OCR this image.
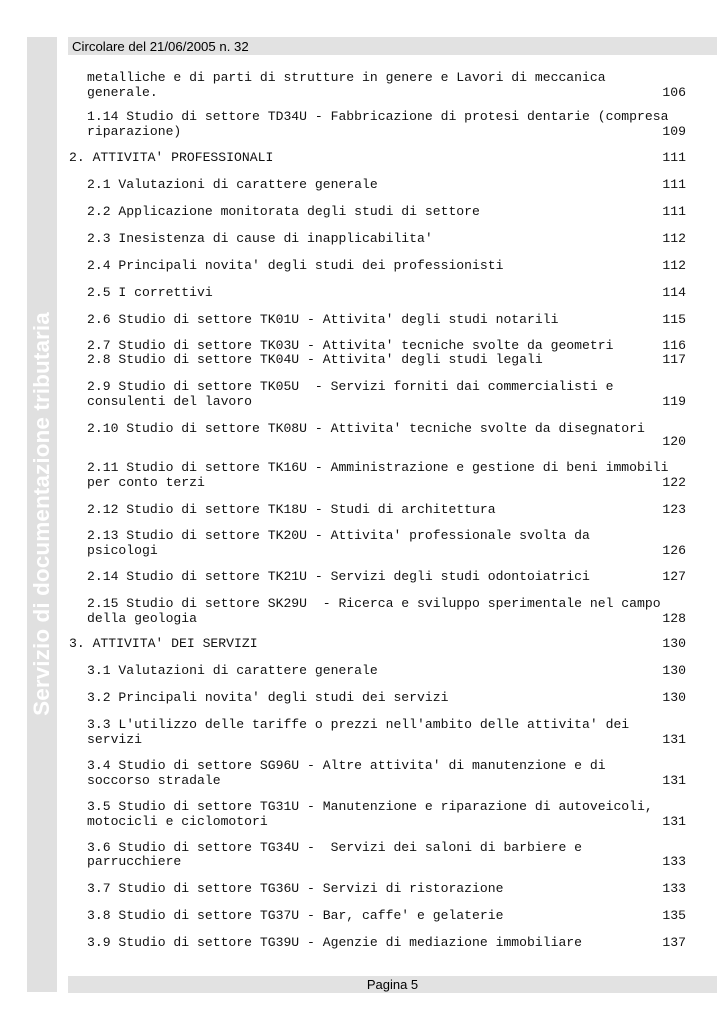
Servizio di documentazione tributaria
Circolare del 21/06/2005 n. 32
metalliche e di parti di strutture in genere e Lavori di meccanica
generale.	106
1.14 Studio di settore TD34U - Fabbricazione di protesi dentarie (compresa
riparazione)	109
2. ATTIVITA' PROFESSIONALI	111
2.1 Valutazioni di carattere generale	111
2.2 Applicazione monitorata degli studi di settore	111
2.3 Inesistenza di cause di inapplicabilita'	112
2.4 Principali novita' degli studi dei professionisti	112
2.5 I correttivi	114
2.6 Studio di settore TK01U - Attivita' degli studi notarili	115
2.7 Studio di settore TK03U - Attivita' tecniche svolte da geometri	116
2.8 Studio di settore TK04U - Attivita' degli studi legali	117
2.9 Studio di settore TK05U  - Servizi forniti dai commercialisti e
consulenti del lavoro	119
2.10 Studio di settore TK08U - Attivita' tecniche svolte da disegnatori
120
2.11 Studio di settore TK16U - Amministrazione e gestione di beni immobili
per conto terzi	122
2.12 Studio di settore TK18U - Studi di architettura	123
2.13 Studio di settore TK20U - Attivita' professionale svolta da
psicologi	126
2.14 Studio di settore TK21U - Servizi degli studi odontoiatrici	127
2.15 Studio di settore SK29U  - Ricerca e sviluppo sperimentale nel campo
della geologia	128
3. ATTIVITA' DEI SERVIZI	130
3.1 Valutazioni di carattere generale	130
3.2 Principali novita' degli studi dei servizi	130
3.3 L'utilizzo delle tariffe o prezzi nell'ambito delle attivita' dei
servizi	131
3.4 Studio di settore SG96U - Altre attivita' di manutenzione e di
soccorso stradale	131
3.5 Studio di settore TG31U - Manutenzione e riparazione di autoveicoli,
motocicli e ciclomotori	131
3.6 Studio di settore TG34U -  Servizi dei saloni di barbiere e
parrucchiere	133
3.7 Studio di settore TG36U - Servizi di ristorazione	133
3.8 Studio di settore TG37U - Bar, caffe' e gelaterie	135
3.9 Studio di settore TG39U - Agenzie di mediazione immobiliare	137
Pagina 5
